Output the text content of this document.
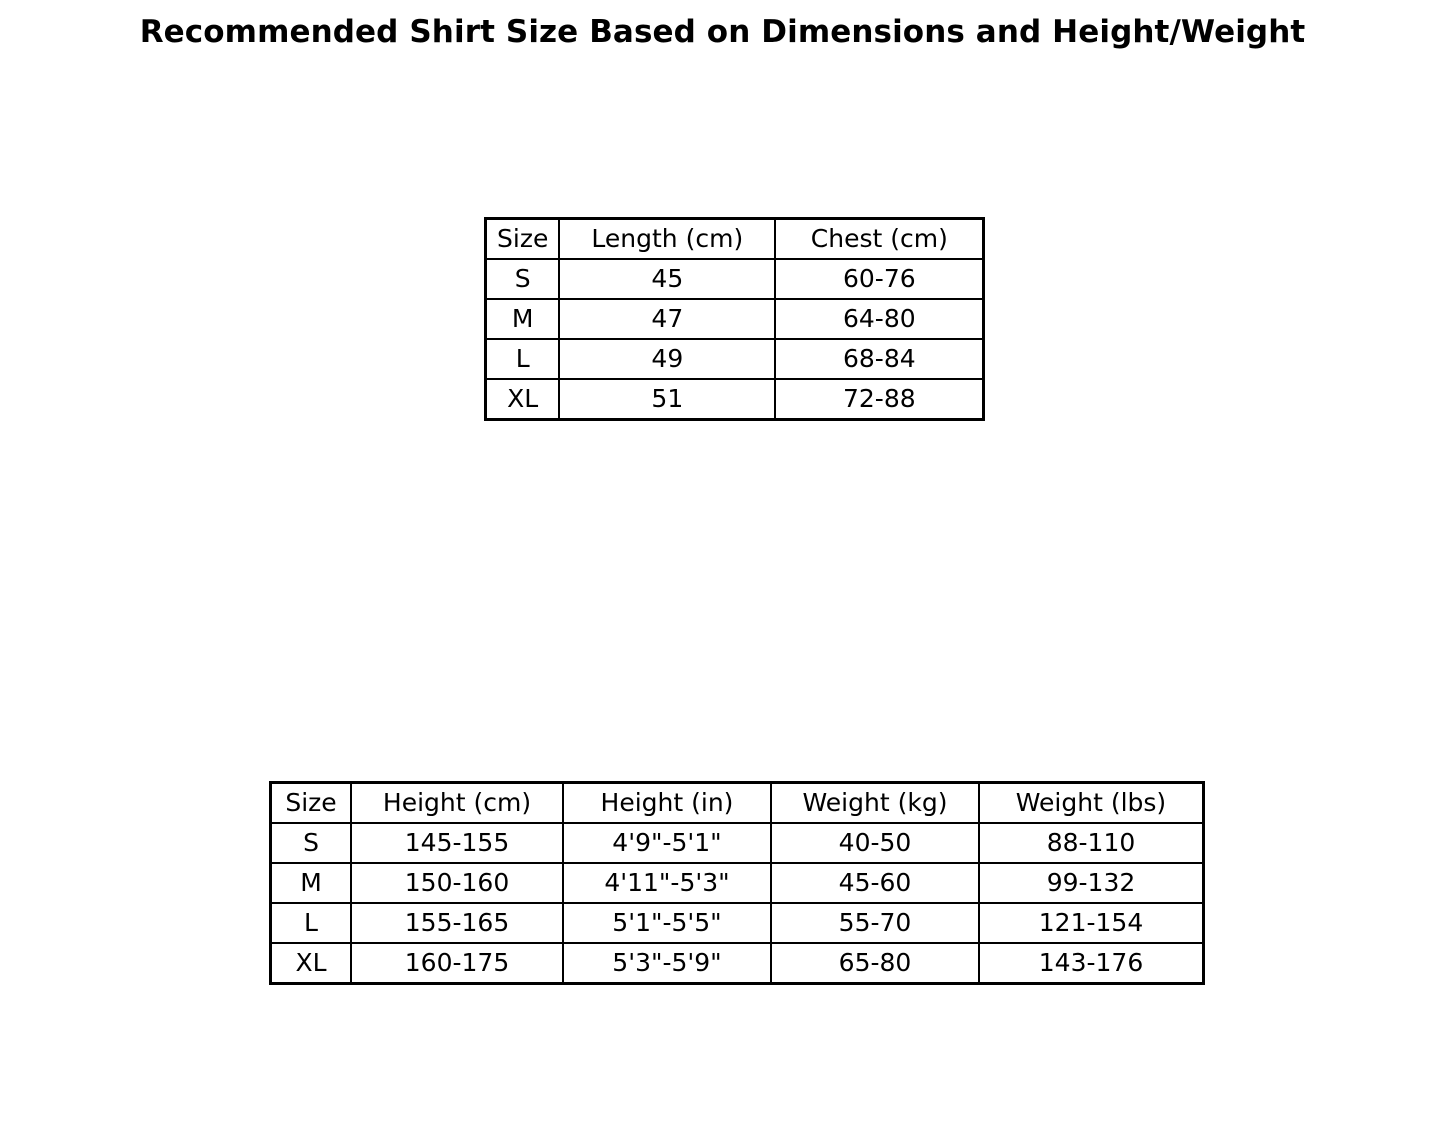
Recommended Shirt Size Based on Dimensions and Height/Weight
Size	Length (cm)	Chest (cm)
S	45	60-76
M	47	64-80
L	49	68-84
XL	51	72-88
Size	Height (cm)	Height (in)	Weight (kg)	Weight (lbs)
S	145-155	4'9"-5'1"	40-50	88-110
M	150-160	4'11"-5'3"	45-60	99-132
L	155-165	5'1"-5'5"	55-70	121-154
XL	160-175	5'3"-5'9"	65-80	143-176
